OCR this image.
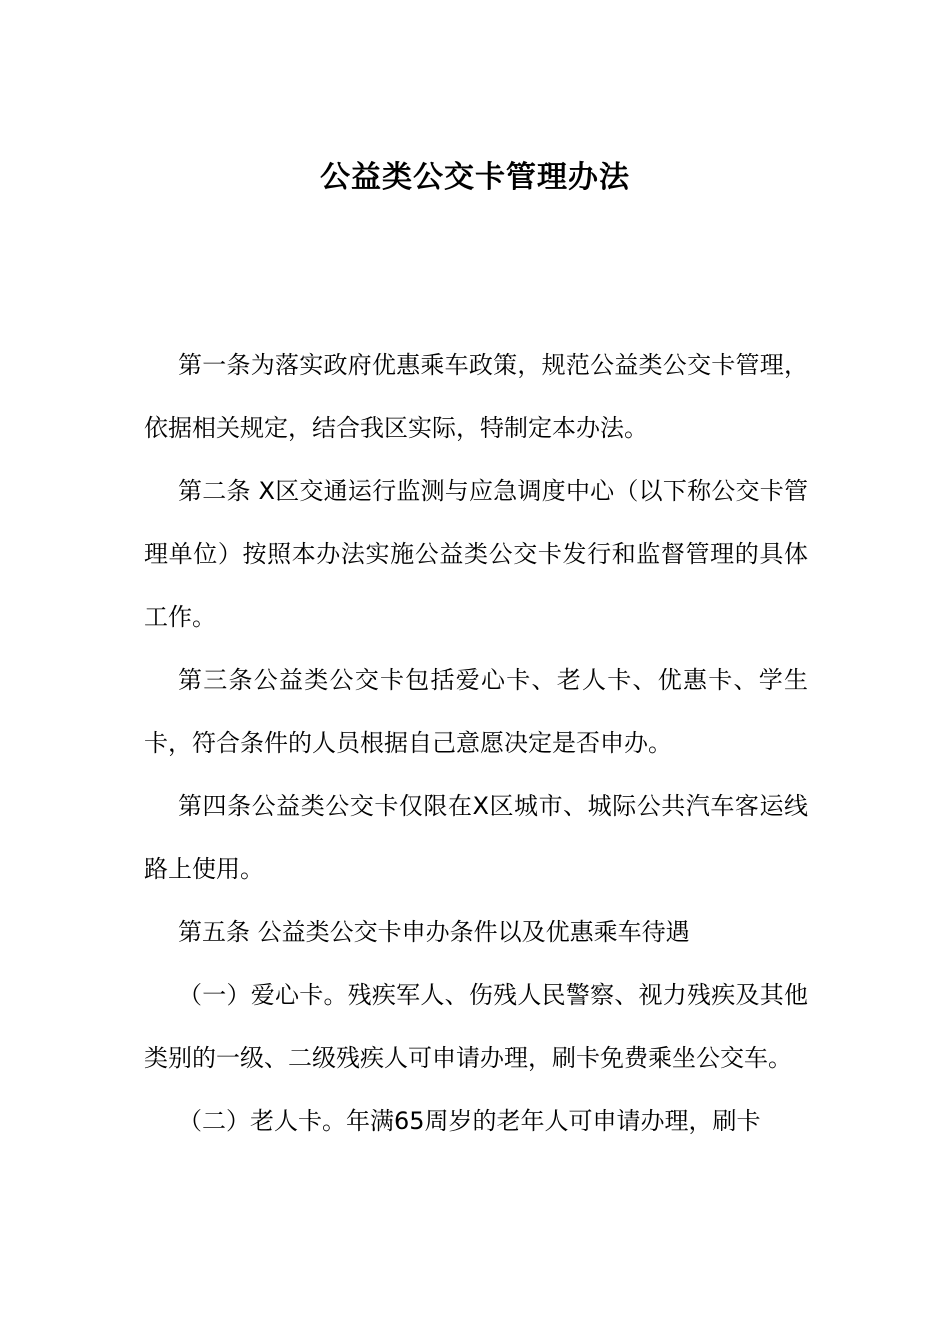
公益类公交卡管理办法

第一条为落实政府优惠乘车政策，规范公益类公交卡管理，依据相关规定，结合我区实际，特制定本办法。

第二条 X区交通运行监测与应急调度中心（以下称公交卡管理单位）按照本办法实施公益类公交卡发行和监督管理的具体工作。

第三条公益类公交卡包括爱心卡、老人卡、优惠卡、学生卡，符合条件的人员根据自己意愿决定是否申办。

第四条公益类公交卡仅限在X区城市、城际公共汽车客运线路上使用。

第五条 公益类公交卡申办条件以及优惠乘车待遇

（一）爱心卡。残疾军人、伤残人民警察、视力残疾及其他类别的一级、二级残疾人可申请办理，刷卡免费乘坐公交车。

（二）老人卡。年满65周岁的老年人可申请办理，刷卡
